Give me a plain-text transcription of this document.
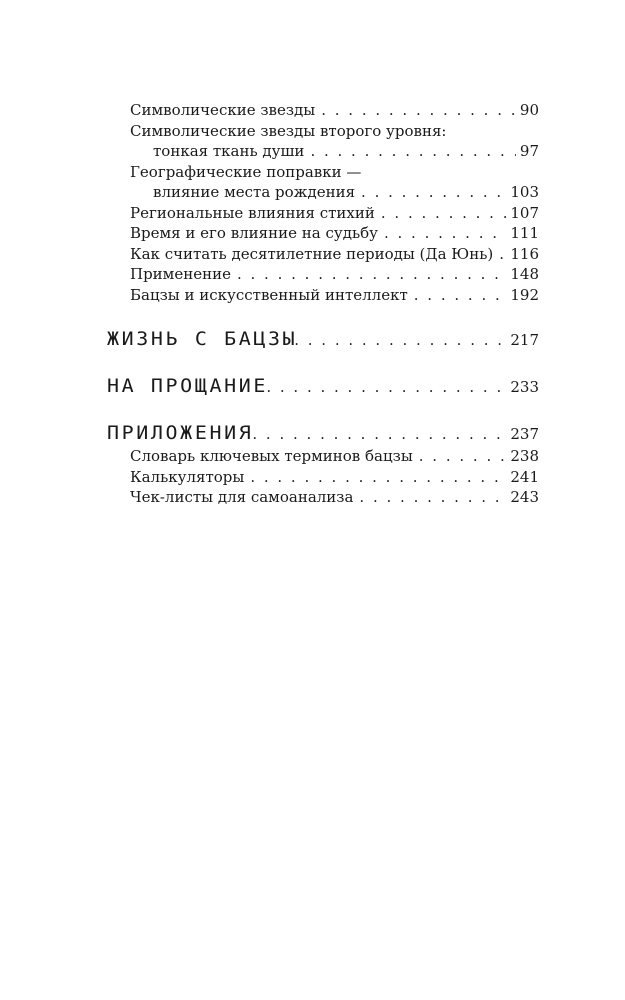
Символические звезды . . .	90
Символические звезды второго уровня:
тонкая ткань души . . .	97
Географические поправки —
влияние места рождения . . .	103
Региональные влияния стихий . . .	107
Время и его влияние на судьбу . . .	111
Как считать десятилетние периоды (Да Юнь) . . . 116
Применение . . .	148
Бацзы и искусственный интеллект . . .	192
ЖИЗНЬ С БАЦЗЫ . . .	217
НА ПРОЩАНИЕ . . .	233
ПРИЛОЖЕНИЯ . . .	237
Словарь ключевых терминов бацзы . . .	238
Калькуляторы . . .	241
Чек-листы для самоанализа . . .	243
